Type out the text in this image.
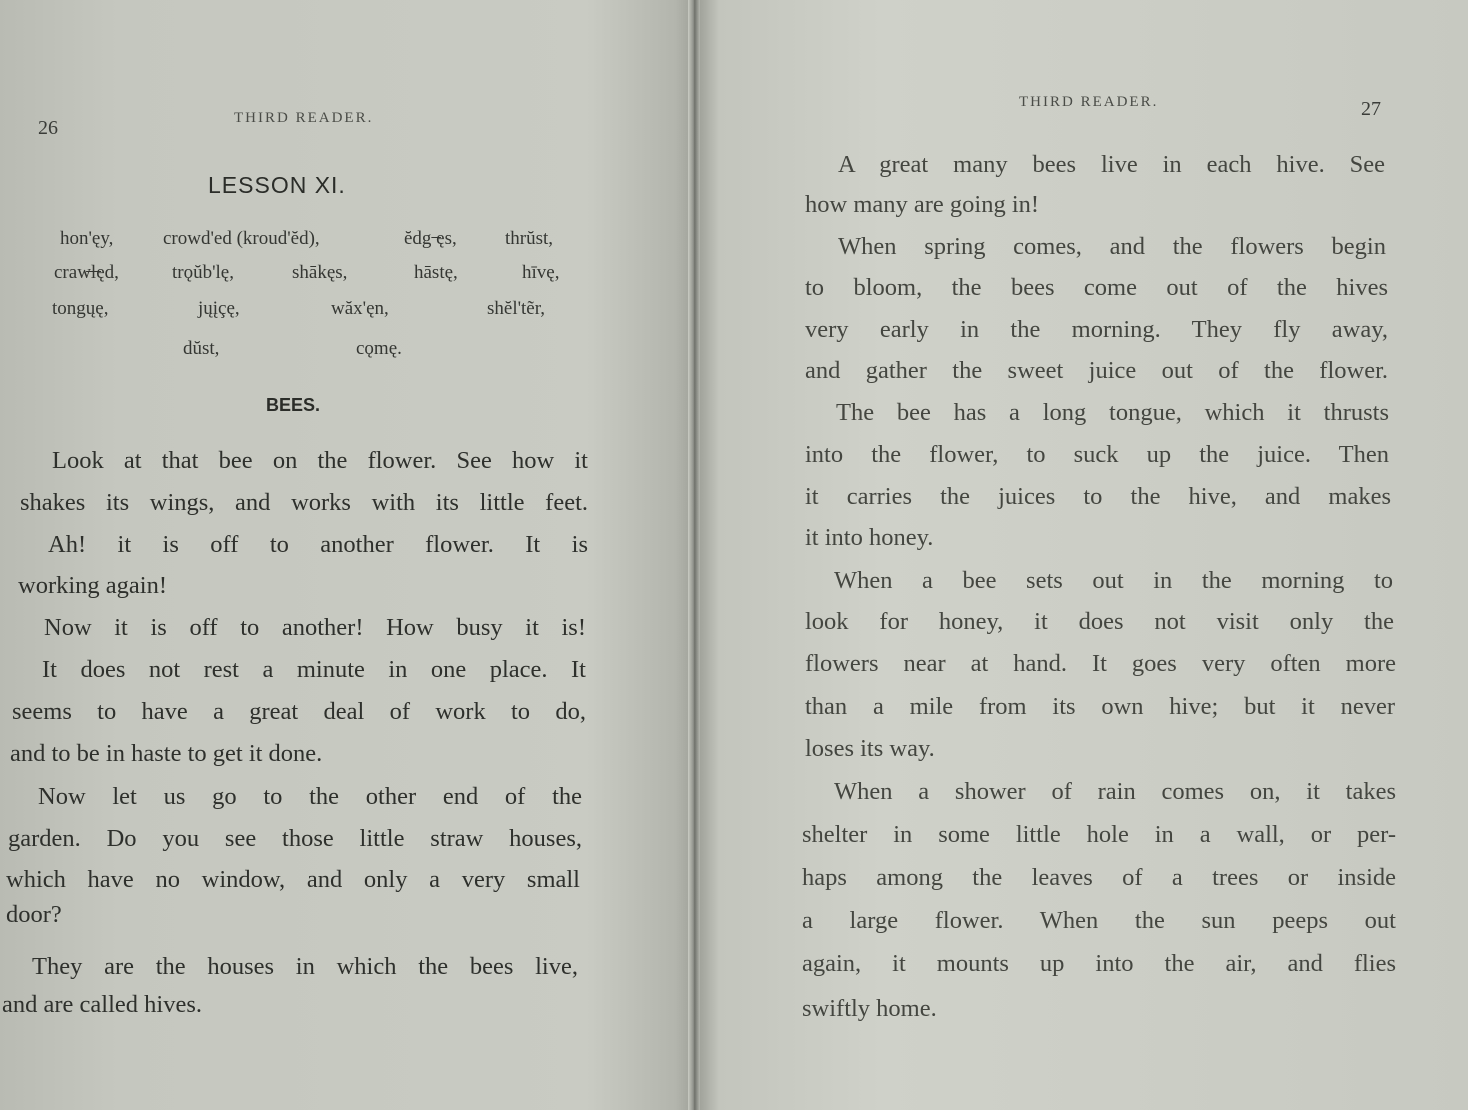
26	THIRD READER.
LESSON XI.
hon'ęy,	crowd'ed (kroud'ĕd),	ĕdg ̶ęs,	thrŭst,
craw̶l̶ęd,	trǫŭb'lę,	shākęs,	hāstę,	hīvę,
tongųę,	jųįçę,	wăx'ęn,	shĕl'tẽr,
dŭst,	cǫmę.
BEES.
Look at that bee on the flower. See how it
shakes its wings, and works with its little feet.
Ah! it is off to another flower. It is
working again!
Now it is off to another! How busy it is!
It does not rest a minute in one place. It
seems to have a great deal of work to do,
and to be in haste to get it done.
Now let us go to the other end of the
garden. Do you see those little straw houses,
which have no window, and only a very small
door?
They are the houses in which the bees live,
and are called hives.
THIRD READER.	27
A great many bees live in each hive. See
how many are going in!
When spring comes, and the flowers begin
to bloom, the bees come out of the hives
very early in the morning. They fly away,
and gather the sweet juice out of the flower.
The bee has a long tongue, which it thrusts
into the flower, to suck up the juice. Then
it carries the juices to the hive, and makes
it into honey.
When a bee sets out in the morning to
look for honey, it does not visit only the
flowers near at hand. It goes very often more
than a mile from its own hive; but it never
loses its way.
When a shower of rain comes on, it takes
shelter in some little hole in a wall, or per-
haps among the leaves of a trees or inside
a large flower. When the sun peeps out
again, it mounts up into the air, and flies
swiftly home.
